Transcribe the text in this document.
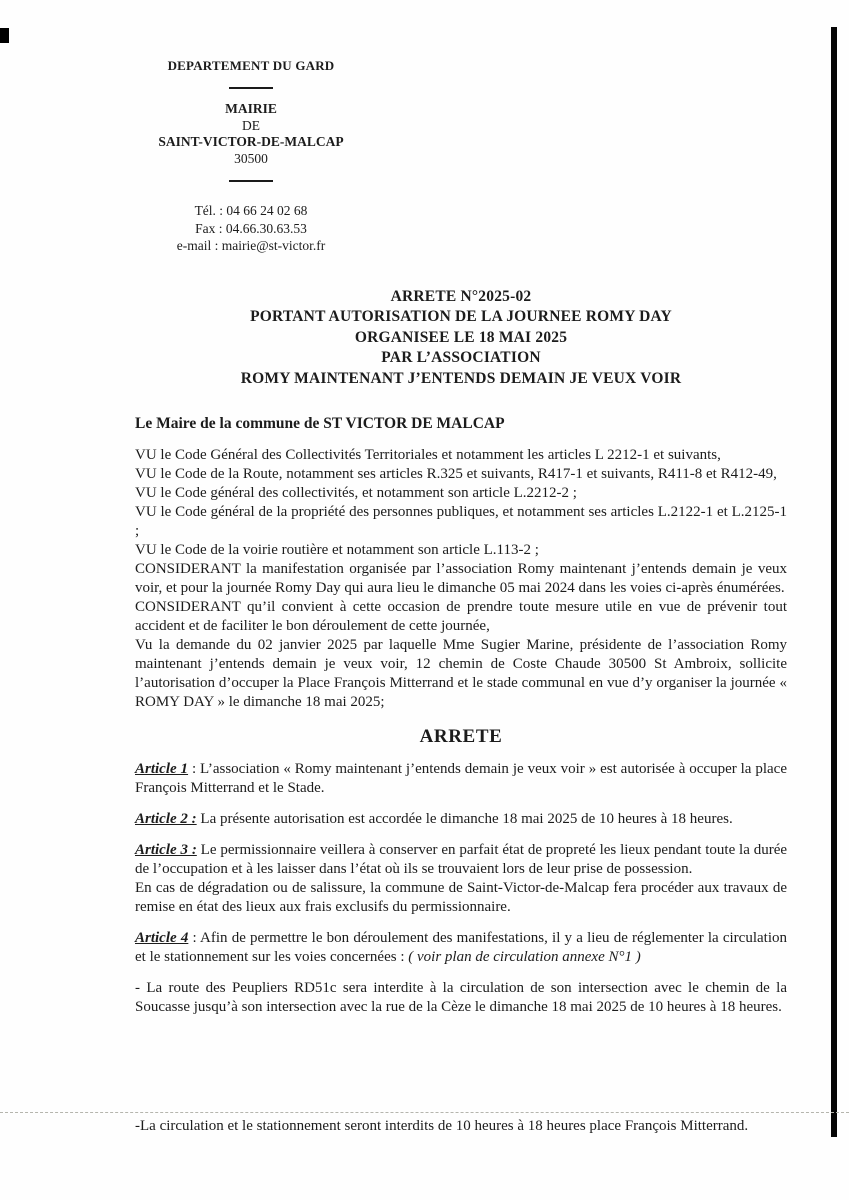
DEPARTEMENT DU GARD
MAIRIE
DE
SAINT-VICTOR-DE-MALCAP
30500
Tél. : 04 66 24 02 68
Fax : 04.66.30.63.53
e-mail : mairie@st-victor.fr
ARRETE N°2025-02
PORTANT AUTORISATION DE LA JOURNEE ROMY DAY
ORGANISEE LE 18 MAI 2025
PAR L’ASSOCIATION
ROMY MAINTENANT J’ENTENDS DEMAIN JE VEUX VOIR

Le Maire de la commune de ST VICTOR DE MALCAP

VU le Code Général des Collectivités Territoriales et notamment les articles L 2212-1 et suivants,

VU le Code de la Route, notamment ses articles R.325 et suivants, R417-1 et suivants, R411-8 et R412-49,

VU le Code général des collectivités, et notamment son article L.2212-2 ;

VU le Code général de la propriété des personnes publiques, et notamment ses articles L.2122-1 et L.2125-1 ;

VU le Code de la voirie routière et notamment son article L.113-2 ;

CONSIDERANT la manifestation organisée par l’association Romy maintenant j’entends demain je veux voir, et pour la journée Romy Day qui aura lieu le dimanche 05 mai 2024 dans les voies ci-après énumérées.

CONSIDERANT qu’il convient à cette occasion de prendre toute mesure utile en vue de prévenir tout accident et de faciliter le bon déroulement de cette journée,

Vu la demande du 02 janvier 2025 par laquelle Mme Sugier Marine, présidente de l’association Romy maintenant j’entends demain je veux voir, 12 chemin de Coste Chaude 30500 St Ambroix, sollicite l’autorisation d’occuper la Place François Mitterrand et le stade communal en vue d’y organiser la journée « ROMY DAY » le dimanche 18 mai 2025;

ARRETE

Article 1 : L’association « Romy maintenant j’entends demain je veux voir » est autorisée à occuper la place François Mitterrand et le Stade.

Article 2 : La présente autorisation est accordée le dimanche 18 mai 2025 de 10 heures à 18 heures.

Article 3 : Le permissionnaire veillera à conserver en parfait état de propreté les lieux pendant toute la durée de l’occupation et à les laisser dans l’état où ils se trouvaient lors de leur prise de possession.

En cas de dégradation ou de salissure, la commune de Saint-Victor-de-Malcap fera procéder aux travaux de remise en état des lieux aux frais exclusifs du permissionnaire.

Article 4 : Afin de permettre le bon déroulement des manifestations, il y a lieu de réglementer la circulation et le stationnement sur les voies concernées : ( voir plan de circulation annexe N°1 )

- La route des Peupliers RD51c sera interdite à la circulation de son intersection avec le chemin de la Soucasse jusqu’à son intersection avec la rue de la Cèze le dimanche 18 mai 2025 de 10 heures à 18 heures.

-La circulation et le stationnement seront interdits de 10 heures à 18 heures place François Mitterrand.
